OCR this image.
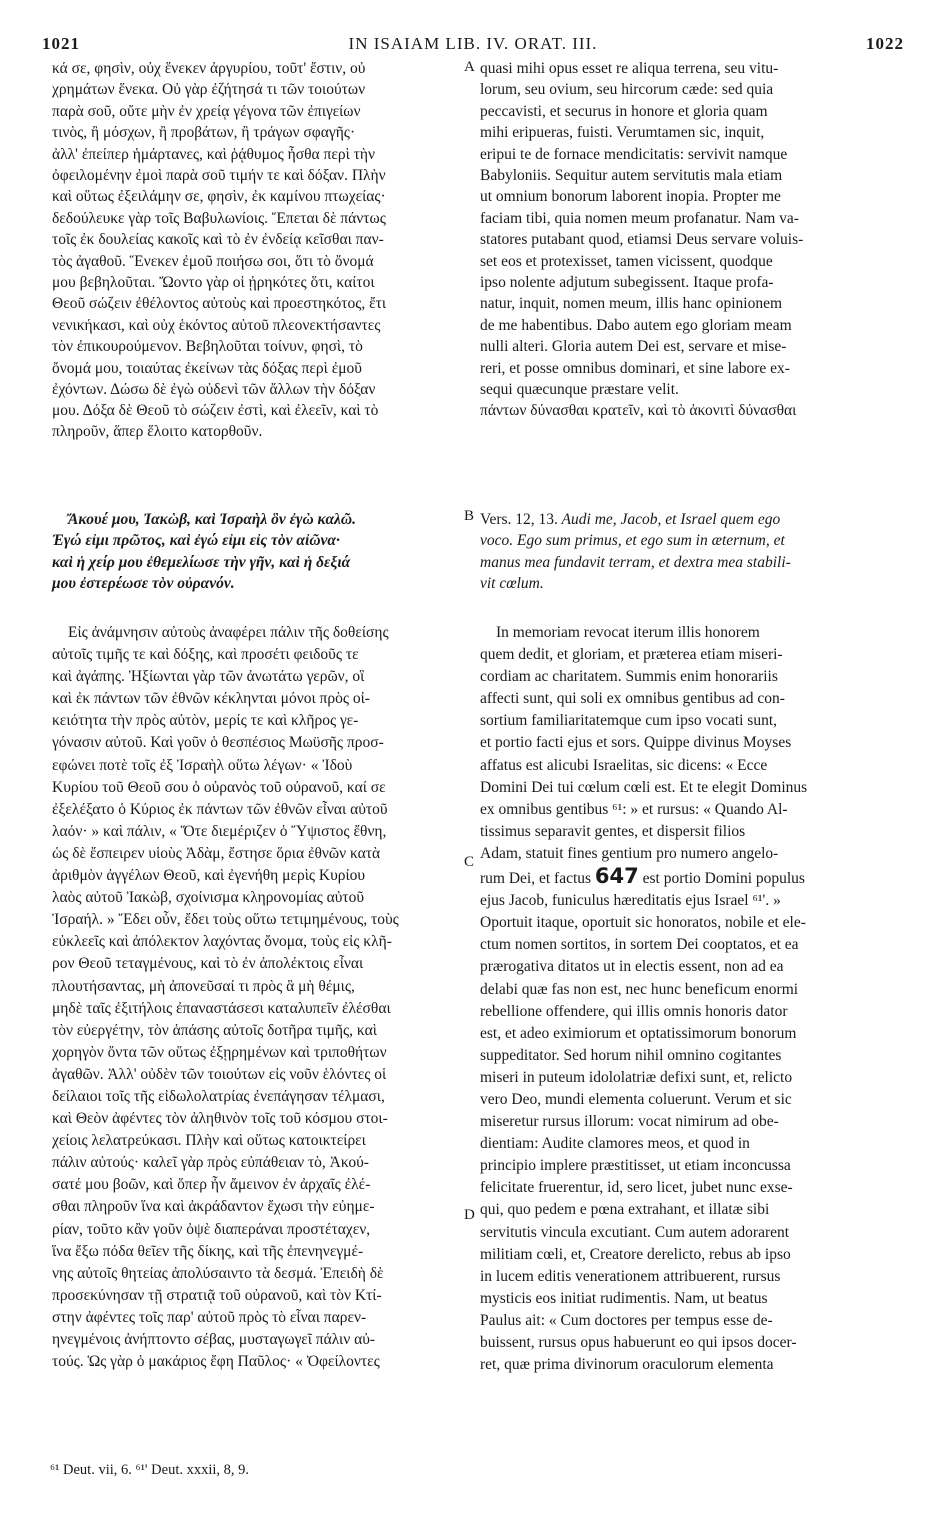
1021	IN ISAIAM LIB. IV. ORAT. III.	1022

κά σε, φησὶν, οὐχ ἕνεκεν ἀργυρίου, τοῦτ' ἔστιν, οὐ

χρημάτων ἕνεκα. Οὐ γὰρ ἐζήτησά τι τῶν τοιούτων

παρὰ σοῦ, οὔτε μὴν ἐν χρείᾳ γέγονα τῶν ἐπιγείων

τινὸς, ἢ μόσχων, ἢ προβάτων, ἢ τράγων σφαγῆς·

ἀλλ' ἐπείπερ ἡμάρτανες, καὶ ῥᾴθυμος ἦσθα περὶ τὴν

ὀφειλομένην ἐμοὶ παρὰ σοῦ τιμήν τε καὶ δόξαν. Πλὴν

καὶ οὕτως ἐξειλάμην σε, φησὶν, ἐκ καμίνου πτωχείας·

δεδούλευκε γὰρ τοῖς Βαβυλωνίοις. Ἕπεται δὲ πάντως

τοῖς ἐκ δουλείας κακοῖς καὶ τὸ ἐν ἐνδείᾳ κεῖσθαι παν-

τὸς ἀγαθοῦ. Ἕνεκεν ἐμοῦ ποιήσω σοι, ὅτι τὸ ὄνομά

μου βεβηλοῦται. Ὤοντο γὰρ οἱ ᾐρηκότες ὅτι, καίτοι

Θεοῦ σώζειν ἐθέλοντος αὐτοὺς καὶ προεστηκότος, ἔτι

νενικήκασι, καὶ οὐχ ἑκόντος αὐτοῦ πλεονεκτήσαντες

τὸν ἐπικουρούμενον. Βεβηλοῦται τοίνυν, φησὶ, τὸ

ὄνομά μου, τοιαύτας ἐκείνων τὰς δόξας περὶ ἐμοῦ

ἐχόντων. Δώσω δὲ ἐγὼ οὐδενὶ τῶν ἄλλων τὴν δόξαν

quasi mihi opus esset re aliqua terrena, seu vitu-

lorum, seu ovium, seu hircorum cæde: sed quia

peccavisti, et securus in honore et gloria quam

mihi eripueras, fuisti. Verumtamen sic, inquit,

eripui te de fornace mendicitatis: servivit namque

Babyloniis. Sequitur autem servitutis mala etiam

ut omnium bonorum laborent inopia. Propter me

faciam tibi, quia nomen meum profanatur. Nam va-

statores putabant quod, etiamsi Deus servare voluis-

set eos et protexisset, tamen vicissent, quodque

ipso nolente adjutum subegissent. Itaque profa-

natur, inquit, nomen meum, illis hanc opinionem

de me habentibus. Dabo autem ego gloriam meam

nulli alteri. Gloria autem Dei est, servare et mise-

reri, et posse omnibus dominari, et sine labore ex-

sequi quæcunque præstare velit.

A
μου. Δόξα δὲ Θεοῦ τὸ σώζειν ἐστὶ, καὶ ἐλεεῖν, καὶ τὸ	πάντων δύνασθαι κρατεῖν, καὶ τὸ ἀκονιτὶ δύνασθαι

πληροῦν, ἅπερ ἕλοιτο κατορθοῦν.

B

Ἄκουέ μου, Ἰακὼβ, καὶ Ἰσραὴλ ὃν ἐγὼ καλῶ.

Ἐγώ εἰμι πρῶτος, καὶ ἐγώ εἰμι εἰς τὸν αἰῶνα·

καὶ ἡ χείρ μου ἐθεμελίωσε τὴν γῆν, καὶ ἡ δεξιά

μου ἐστερέωσε τὸν οὐρανόν.

Vers. 12, 13. Audi me, Jacob, et Israel quem ego

voco. Ego sum primus, et ego sum in æternum, et

manus mea fundavit terram, et dextra mea stabili-

vit cœlum.

Εἰς ἀνάμνησιν αὐτοὺς ἀναφέρει πάλιν τῆς δοθείσης

αὐτοῖς τιμῆς τε καὶ δόξης, καὶ προσέτι φειδοῦς τε

καὶ ἀγάπης. Ἠξίωνται γὰρ τῶν ἀνωτάτω γερῶν, οἳ

καὶ ἐκ πάντων τῶν ἐθνῶν κέκληνται μόνοι πρὸς οἰ-

κειότητα τὴν πρὸς αὐτὸν, μερίς τε καὶ κλῆρος γε-

γόνασιν αὐτοῦ. Καὶ γοῦν ὁ θεσπέσιος Μωϋσῆς προσ-

εφώνει ποτὲ τοῖς ἐξ Ἰσραὴλ οὕτω λέγων· « Ἰδοὺ

Κυρίου τοῦ Θεοῦ σου ὁ οὐρανὸς τοῦ οὐρανοῦ, καί σε

ἐξελέξατο ὁ Κύριος ἐκ πάντων τῶν ἐθνῶν εἶναι αὐτοῦ

λαόν· » καὶ πάλιν, « Ὅτε διεμέριζεν ὁ Ὕψιστος ἔθνη,

ὡς δὲ ἔσπειρεν υἱοὺς Ἀδὰμ, ἔστησε ὅρια ἐθνῶν κατὰ

ἀριθμὸν ἀγγέλων Θεοῦ, καὶ ἐγενήθη μερὶς Κυρίου

λαὸς αὐτοῦ Ἰακὼβ, σχοίνισμα κληρονομίας αὐτοῦ

Ἰσραήλ. » Ἔδει οὖν, ἔδει τοὺς οὕτω τετιμημένους, τοὺς

εὐκλεεῖς καὶ ἀπόλεκτον λαχόντας ὄνομα, τοὺς εἰς κλῆ-

ρον Θεοῦ τεταγμένους, καὶ τὸ ἐν ἀπολέκτοις εἶναι

πλουτήσαντας, μὴ ἀπονεῦσαί τι πρὸς ἃ μὴ θέμις,

μηδὲ ταῖς ἐξιτήλοις ἐπαναστάσεσι καταλυπεῖν ἐλέσθαι

τὸν εὐεργέτην, τὸν ἁπάσης αὐτοῖς δοτῆρα τιμῆς, καὶ

χορηγὸν ὄντα τῶν οὕτως ἐξῃρημένων καὶ τριποθήτων

ἀγαθῶν. Ἀλλ' οὐδὲν τῶν τοιούτων εἰς νοῦν ἑλόντες οἱ

δείλαιοι τοῖς τῆς εἰδωλολατρίας ἐνεπάγησαν τέλμασι,

καὶ Θεὸν ἀφέντες τὸν ἀληθινὸν τοῖς τοῦ κόσμου στοι-

χείοις λελατρεύκασι. Πλὴν καὶ οὕτως κατοικτείρει

πάλιν αὐτούς· καλεῖ γὰρ πρὸς εὐπάθειαν τὸ, Ἀκού-

σατέ μου βοῶν, καὶ ὅπερ ἦν ἄμεινον ἐν ἀρχαῖς ἐλέ-

σθαι πληροῦν ἵνα καὶ ἀκράδαντον ἔχωσι τὴν εὐημε-

ρίαν, τοῦτο κἂν γοῦν ὀψὲ διαπεράναι προστέταχεν,

ἵνα ἔξω πόδα θεῖεν τῆς δίκης, καὶ τῆς ἐπενηνεγμέ-

νης αὐτοῖς θητείας ἀπολύσαιντο τὰ δεσμά. Ἐπειδὴ δὲ

προσεκύνησαν τῇ στρατιᾷ τοῦ οὐρανοῦ, καὶ τὸν Κτί-

στην ἀφέντες τοῖς παρ' αὐτοῦ πρὸς τὸ εἶναι παρεν-

ηνεγμένοις ἀνήπτοντο σέβας, μυσταγωγεῖ πάλιν αὐ-

τούς. Ὡς γὰρ ὁ μακάριος ἔφη Παῦλος· « Ὀφείλοντες

In memoriam revocat iterum illis honorem

quem dedit, et gloriam, et præterea etiam miseri-

cordiam ac charitatem. Summis enim honorariis

affecti sunt, qui soli ex omnibus gentibus ad con-

sortium familiaritatemque cum ipso vocati sunt,

et portio facti ejus et sors. Quippe divinus Moyses

affatus est alicubi Israelitas, sic dicens: « Ecce

Domini Dei tui cœlum cœli est. Et te elegit Dominus

ex omnibus gentibus ⁶¹: » et rursus: « Quando Al-

tissimus separavit gentes, et dispersit filios

Adam, statuit fines gentium pro numero angelo-

rum Dei, et factus 647 est portio Domini populus

ejus Jacob, funiculus hæreditatis ejus Israel ⁶¹'. »

Oportuit itaque, oportuit sic honoratos, nobile et ele-

ctum nomen sortitos, in sortem Dei cooptatos, et ea

prærogativa ditatos ut in electis essent, non ad ea

delabi quæ fas non est, nec hunc beneficum enormi

rebellione offendere, qui illis omnis honoris dator

est, et adeo eximiorum et optatissimorum bonorum

suppeditator. Sed horum nihil omnino cogitantes

miseri in puteum idololatriæ defixi sunt, et, relicto

vero Deo, mundi elementa coluerunt. Verum et sic

miseretur rursus illorum: vocat nimirum ad obe-

dientiam: Audite clamores meos, et quod in

principio implere præstitisset, ut etiam inconcussa

felicitate fruerentur, id, sero licet, jubet nunc exse-

qui, quo pedem e pœna extrahant, et illatæ sibi

servitutis vincula excutiant. Cum autem adorarent

militiam cœli, et, Creatore derelicto, rebus ab ipso

in lucem editis venerationem attribuerent, rursus

mysticis eos initiat rudimentis. Nam, ut beatus

Paulus ait: « Cum doctores per tempus esse de-

buissent, rursus opus habuerunt eo qui ipsos docer-

ret, quæ prima divinorum oraculorum elementa

C
D
⁶¹ Deut. vii, 6. ⁶¹' Deut. xxxii, 8, 9.
